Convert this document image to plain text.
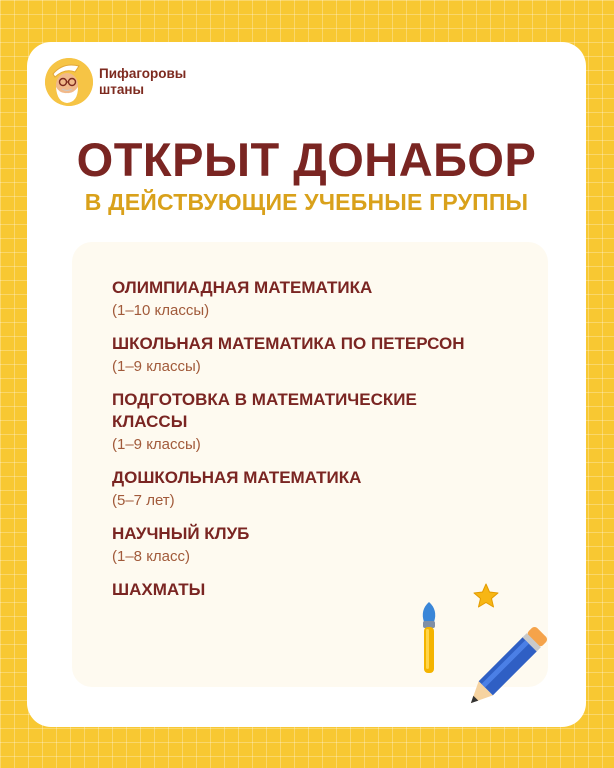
Пифагоровы
штаны
ОТКРЫТ ДОНАБОР
В ДЕЙСТВУЮЩИЕ УЧЕБНЫЕ ГРУППЫ
ОЛИМПИАДНАЯ МАТЕМАТИКА
(1–10 классы)
ШКОЛЬНАЯ МАТЕМАТИКА ПО ПЕТЕРСОН
(1–9 классы)
ПОДГОТОВКА В МАТЕМАТИЧЕСКИЕ КЛАССЫ
(1–9 классы)
ДОШКОЛЬНАЯ МАТЕМАТИКА
(5–7 лет)
НАУЧНЫЙ КЛУБ
(1–8 класс)
ШАХМАТЫ
